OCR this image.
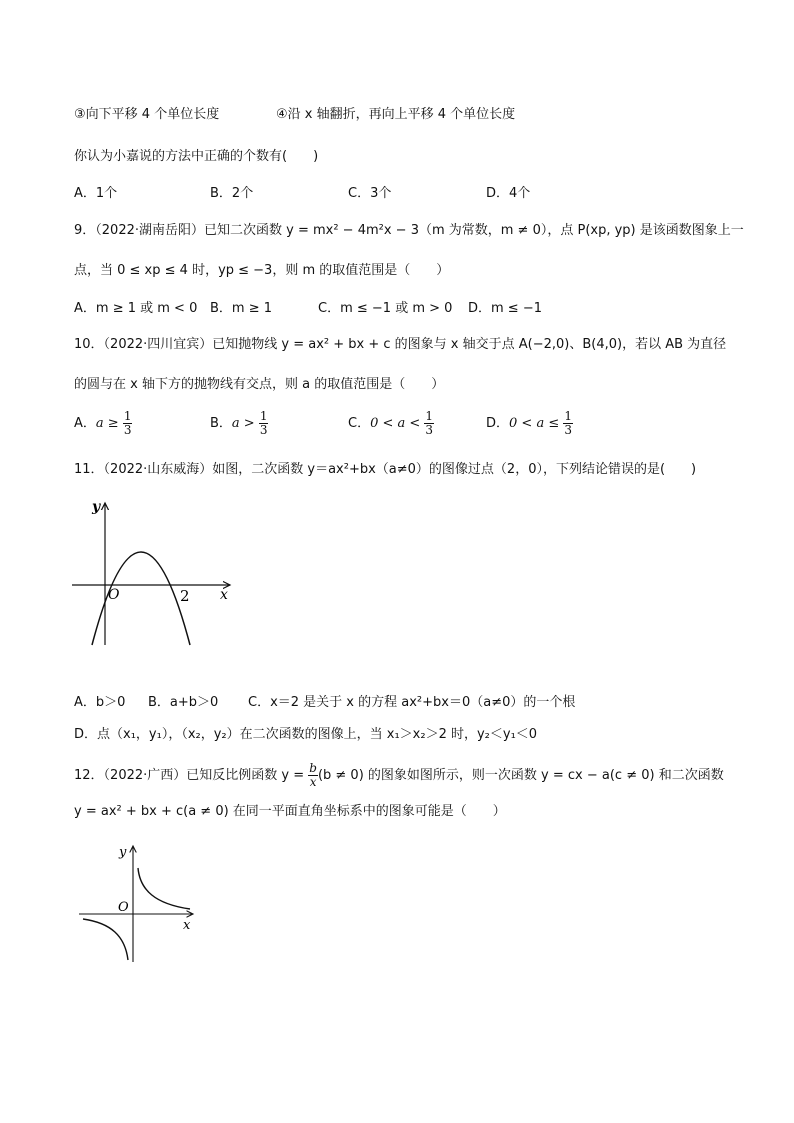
③向下平移 4 个单位长度	④沿 x 轴翻折，再向上平移 4 个单位长度
你认为小嘉说的方法中正确的个数有(　　)
A．1个	B．2个	C．3个	D．4个
9．（2022·湖南岳阳）已知二次函数 y = mx² − 4m²x − 3（m 为常数，m ≠ 0），点 P(xp, yp) 是该函数图象上一
点，当 0 ≤ xp ≤ 4 时，yp ≤ −3，则 m 的取值范围是（　　）
A．m ≥ 1 或 m < 0 B．m ≥ 1	C．m ≤ −1 或 m > 0 D．m ≤ −1
10．（2022·四川宜宾）已知抛物线 y = ax² + bx + c 的图象与 x 轴交于点 A(−2,0)、B(4,0)，若以 AB 为直径
的圆与在 x 轴下方的抛物线有交点，则 a 的取值范围是（　　）
A．$a \ge \frac{1}{3}$	B．$a > \frac{1}{3}$	C．$0 < a < \frac{1}{3}$	D．$0 < a \le \frac{1}{3}$
11．（2022·山东威海）如图，二次函数 y＝ax²+bx（a≠0）的图像过点（2，0），下列结论错误的是(　　)
y
x
O	2
A．b＞0 B．a+b＞0 C．x＝2 是关于 x 的方程 ax²+bx＝0（a≠0）的一个根
D．点（x₁，y₁），（x₂，y₂）在二次函数的图像上，当 x₁＞x₂＞2 时，y₂＜y₁＜0
12．（2022·广西）已知反比例函数 $y = \frac{b}{x} (b \ne 0)$ 的图象如图所示，则一次函数 y = cx − a(c ≠ 0) 和二次函数
y = ax² + bx + c(a ≠ 0) 在同一平面直角坐标系中的图象可能是（　　）
y
x
O
